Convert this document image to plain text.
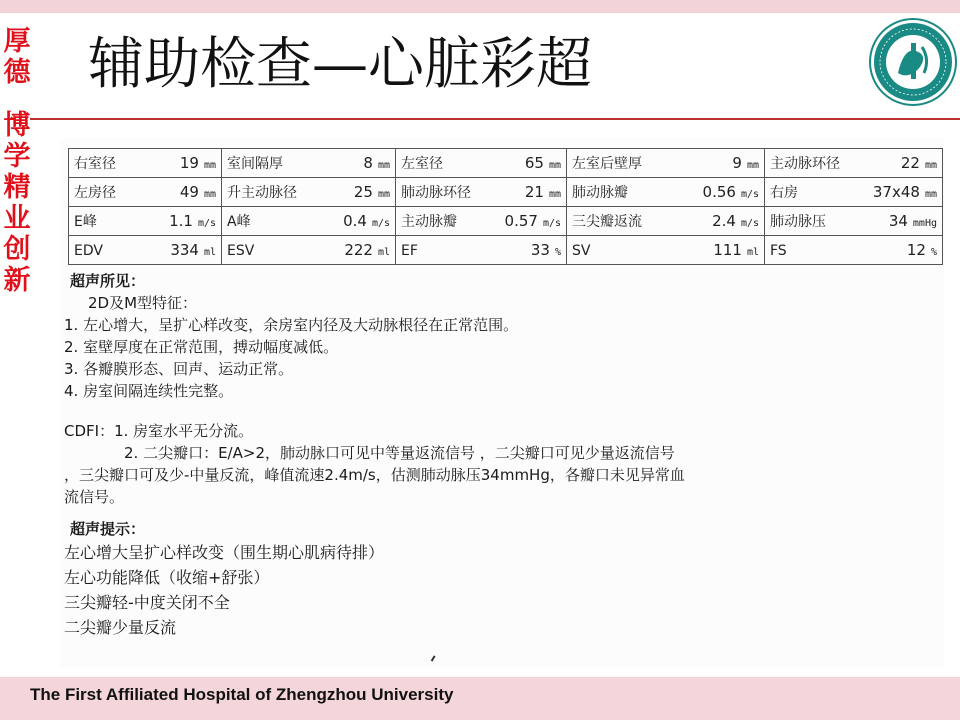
厚
德
博
学
精
业
创
新
辅助检查—心脏彩超
右室径 19 mm	室间隔厚 8 mm	左室径 65 mm	左室后壁厚 9 mm	主动脉环径 22 mm

左房径 49 mm	升主动脉径 25 mm	肺动脉环径 21 mm	肺动脉瓣 0.56 m/s	右房 37x48 mm

E峰 1.1 m/s	A峰 0.4 m/s	主动脉瓣 0.57 m/s	三尖瓣返流 2.4 m/s	肺动脉压 34 mmHg

EDV 334 ml	ESV 222 ml	EF 33 %	SV 111 ml	FS 12 %
超声所见：
2D及M型特征：
1. 左心增大，呈扩心样改变，余房室内径及大动脉根径在正常范围。
2. 室壁厚度在正常范围，搏动幅度减低。
3. 各瓣膜形态、回声、运动正常。
4. 房室间隔连续性完整。
CDFI：1. 房室水平无分流。
2. 二尖瓣口：E/A>2，肺动脉口可见中等量返流信号 ，二尖瓣口可见少量返流信号
，三尖瓣口可及少-中量反流，峰值流速2.4m/s，估测肺动脉压34mmHg，各瓣口未见异常血
流信号。
超声提示：
左心增大呈扩心样改变（围生期心肌病待排）
左心功能降低（收缩+舒张）
三尖瓣轻-中度关闭不全
二尖瓣少量反流
The First Affiliated Hospital of Zhengzhou University
